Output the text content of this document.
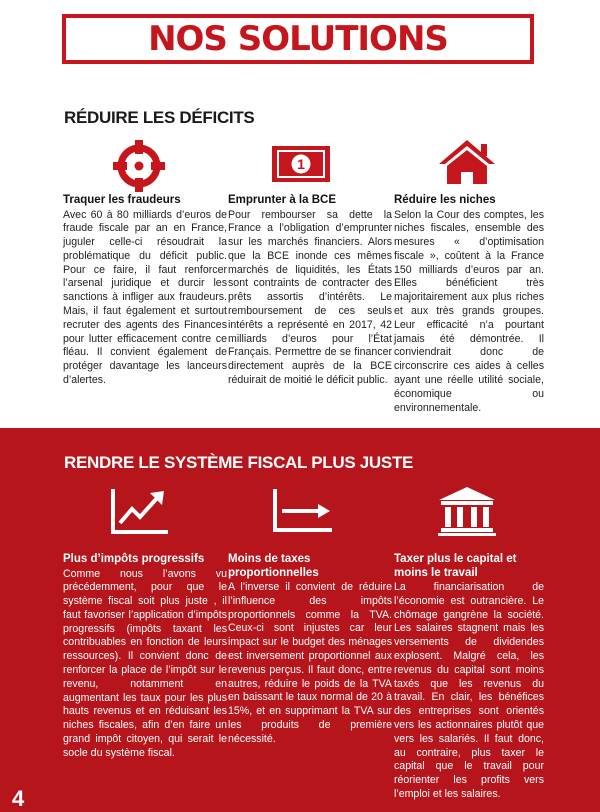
NOS SOLUTIONS
RÉDUIRE LES DÉFICITS
1
Traquer les fraudeurs

Avec 60 à 80 milliards d’euros de fraude fiscale par an en France, juguler celle-ci résoudrait la problématique du déficit public. Pour ce faire, il faut renforcer l’arsenal juridique et durcir les sanctions à infliger aux fraudeurs. Mais, il faut également et surtout recruter des agents des Finances pour lutter efficacement contre ce fléau. Il convient également de protéger davantage les lanceurs d’alertes.

Emprunter à la BCE

Pour rembourser sa dette la France a l’obligation d’emprunter sur les marchés financiers. Alors que la BCE inonde ces mêmes marchés de liquidités, les États sont contraints de contracter des prêts assortis d’intérêts. Le remboursement de ces seuls intérêts a représenté en 2017, 42 milliards d’euros pour l’État Français. Permettre de se financer directement auprès de la BCE réduirait de moitié le déficit public.

Réduire les niches

Selon la Cour des comptes, les niches fiscales, ensemble des mesures « d’optimisation fiscale », coûtent à la France 150 milliards d’euros par an. Elles bénéficient très majoritairement aux plus riches et aux très grands groupes. Leur efficacité n’a pourtant jamais été démontrée. Il conviendrait donc de circonscrire ces aides à celles ayant une réelle utilité sociale, économique ou environnementale.

RENDRE LE SYSTÈME FISCAL PLUS JUSTE
Plus d’impôts progressifs

Comme nous l’avons vu précédemment, pour que le système fiscal soit plus juste , il faut favoriser l’application d’impôts progressifs (impôts taxant les contribuables en fonction de leurs ressources). Il convient donc de renforcer la place de l’impôt sur le revenu, notamment en augmentant les taux pour les plus hauts revenus et en réduisant les niches fiscales, afin d’en faire un grand impôt citoyen, qui serait le socle du système fiscal.

Moins de taxes proportionnelles

A l’inverse il convient de réduire l’influence des impôts proportionnels comme la TVA. Ceux-ci sont injustes car leur impact sur le budget des ménages est inversement proportionnel aux revenus perçus. Il faut donc, entre autres, réduire le poids de la TVA en baissant le taux normal de 20 à 15%, et en supprimant la TVA sur les produits de première nécessité.

Taxer plus le capital et moins le travail

La financiarisation de l’économie est outrancière. Le chômage gangrène la société. Les salaires stagnent mais les versements de dividendes explosent. Malgré cela, les revenus du capital sont moins taxés que les revenus du travail. En clair, les bénéfices des entreprises sont orientés vers les actionnaires plutôt que vers les salariés. Il faut donc, au contraire, plus taxer le capital que le travail pour réorienter les profits vers l’emploi et les salaires.

4
